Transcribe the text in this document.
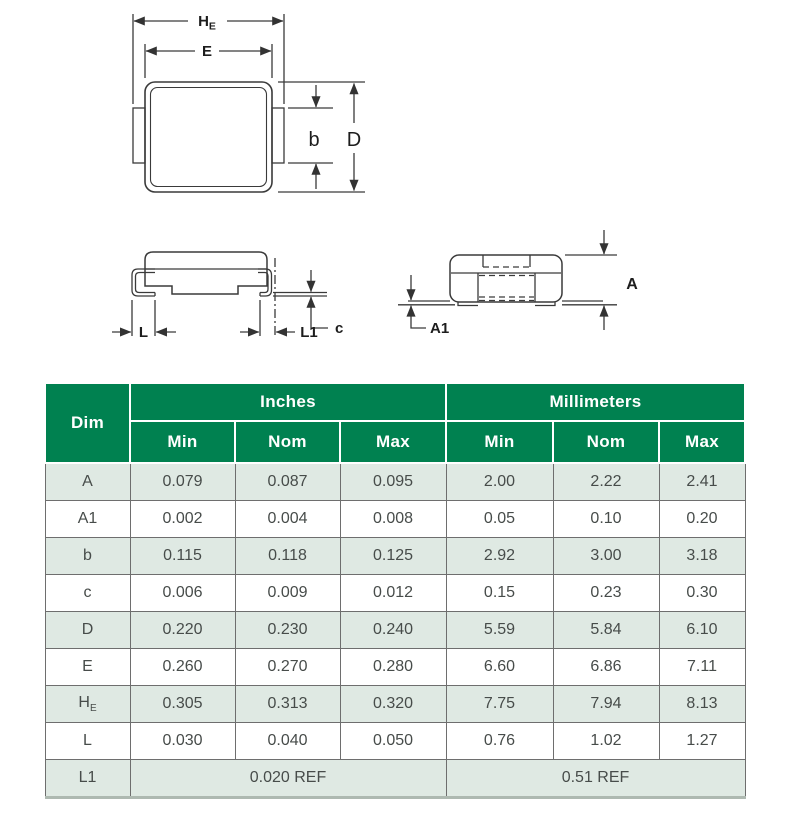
$H_E$
E
b D
L	L1 c
A
A1
Dim	Inches			Millimeters		
	Min	Nom	Max	Min	Nom	Max
A	0.079	0.087	0.095	2.00	2.22	2.41
A1	0.002	0.004	0.008	0.05	0.10	0.20
b	0.115	0.118	0.125	2.92	3.00	3.18
c	0.006	0.009	0.012	0.15	0.23	0.30
D	0.220	0.230	0.240	5.59	5.84	6.10
E	0.260	0.270	0.280	6.60	6.86	7.11
$H_E$	0.305	0.313	0.320	7.75	7.94	8.13
L	0.030	0.040	0.050	0.76	1.02	1.27
L1	0.020 REF			0.51 REF		
